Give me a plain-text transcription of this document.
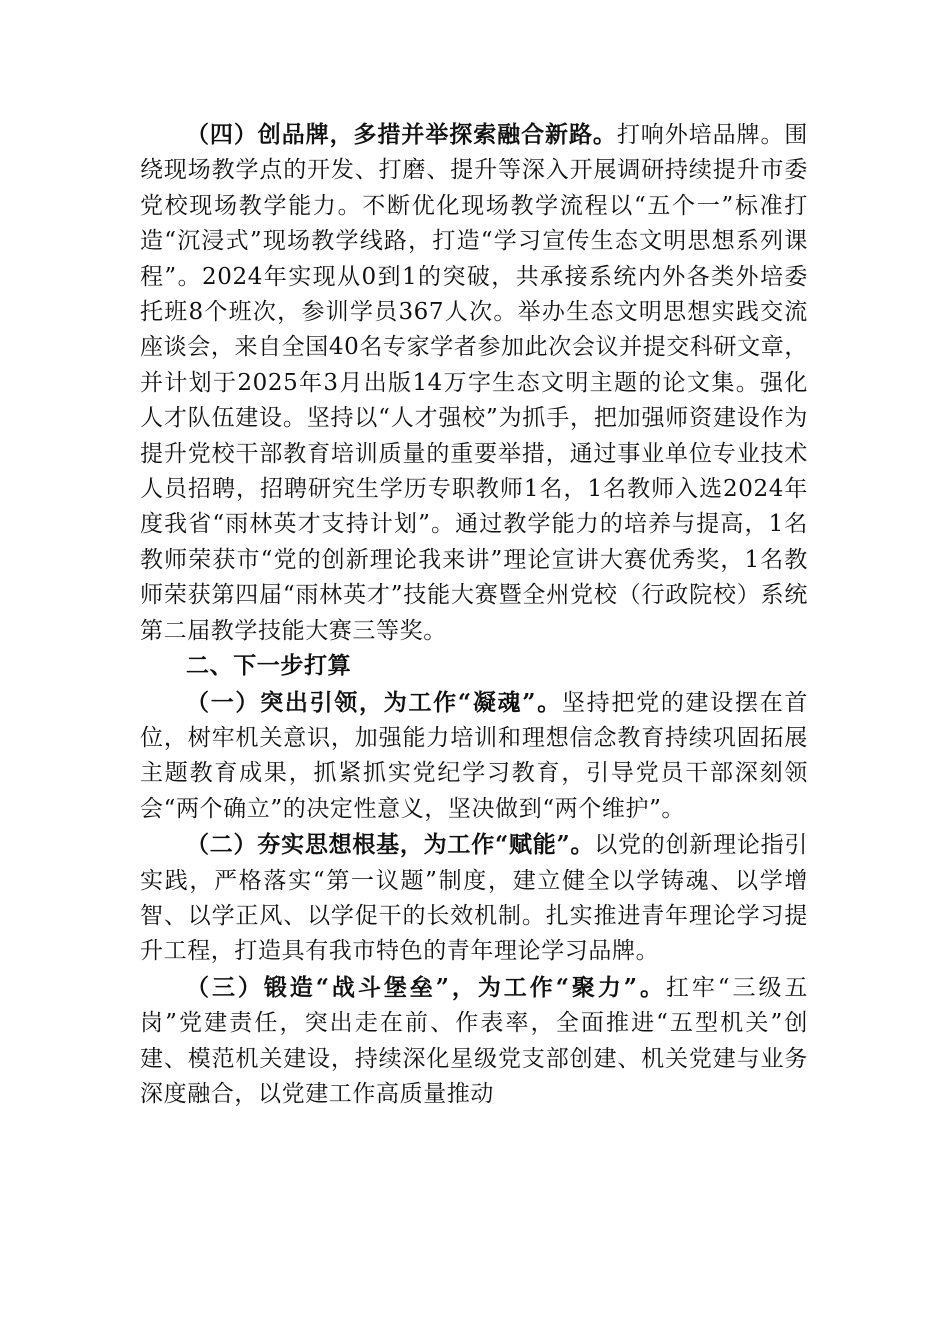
（四）创品牌，多措并举探索融合新路。打响外培品牌。围绕现场教学点的开发、打磨、提升等深入开展调研持续提升市委党校现场教学能力。不断优化现场教学流程以“五个一”标准打造“沉浸式”现场教学线路，打造“学习宣传生态文明思想系列课程”。2024年实现从0到1的突破，共承接系统内外各类外培委托班8个班次，参训学员367人次。举办生态文明思想实践交流座谈会，来自全国40名专家学者参加此次会议并提交科研文章，并计划于2025年3月出版14万字生态文明主题的论文集。强化人才队伍建设。坚持以“人才强校”为抓手，把加强师资建设作为提升党校干部教育培训质量的重要举措，通过事业单位专业技术人员招聘，招聘研究生学历专职教师1名，1名教师入选2024年度我省“雨林英才支持计划”。通过教学能力的培养与提高，1名教师荣获市“党的创新理论我来讲”理论宣讲大赛优秀奖，1名教师荣获第四届“雨林英才”技能大赛暨全州党校（行政院校）系统第二届教学技能大赛三等奖。

二、下一步打算

（一）突出引领，为工作“凝魂”。坚持把党的建设摆在首位，树牢机关意识，加强能力培训和理想信念教育持续巩固拓展主题教育成果，抓紧抓实党纪学习教育，引导党员干部深刻领会“两个确立”的决定性意义，坚决做到“两个维护”。

（二）夯实思想根基，为工作“赋能”。以党的创新理论指引实践，严格落实“第一议题”制度，建立健全以学铸魂、以学增智、以学正风、以学促干的长效机制。扎实推进青年理论学习提升工程，打造具有我市特色的青年理论学习品牌。

（三）锻造“战斗堡垒”，为工作“聚力”。扛牢“三级五岗”党建责任，突出走在前、作表率，全面推进“五型机关”创建、模范机关建设，持续深化星级党支部创建、机关党建与业务深度融合，以党建工作高质量推动
